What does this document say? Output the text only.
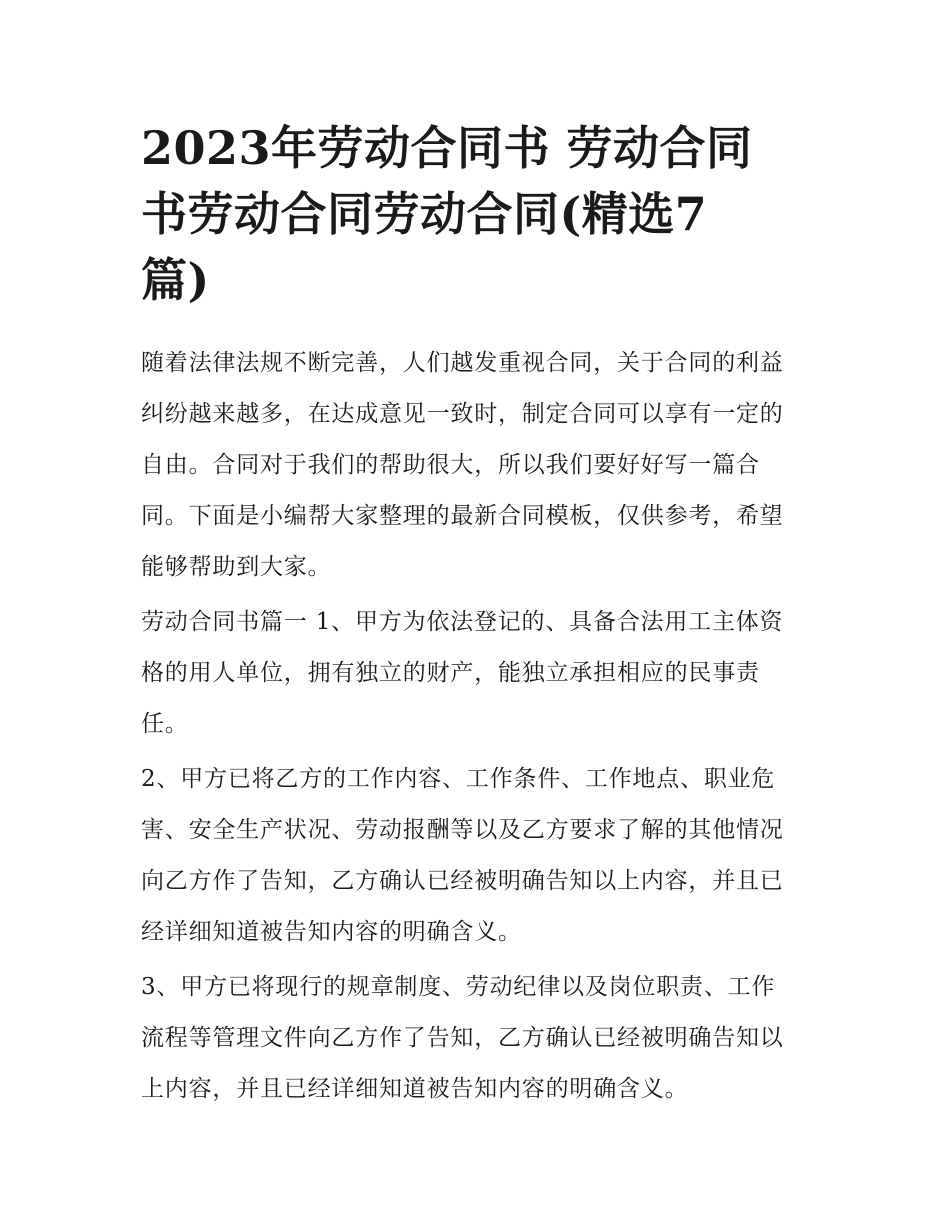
2023年劳动合同书 劳动合同
书劳动合同劳动合同(精选7
篇)

随着法律法规不断完善，人们越发重视合同，关于合同的利益
纠纷越来越多，在达成意见一致时，制定合同可以享有一定的
自由。合同对于我们的帮助很大，所以我们要好好写一篇合
同。下面是小编帮大家整理的最新合同模板，仅供参考，希望
能够帮助到大家。

劳动合同书篇一 1、甲方为依法登记的、具备合法用工主体资
格的用人单位，拥有独立的财产，能独立承担相应的民事责
任。

2、甲方已将乙方的工作内容、工作条件、工作地点、职业危
害、安全生产状况、劳动报酬等以及乙方要求了解的其他情况
向乙方作了告知，乙方确认已经被明确告知以上内容，并且已
经详细知道被告知内容的明确含义。

3、甲方已将现行的规章制度、劳动纪律以及岗位职责、工作
流程等管理文件向乙方作了告知，乙方确认已经被明确告知以
上内容，并且已经详细知道被告知内容的明确含义。
